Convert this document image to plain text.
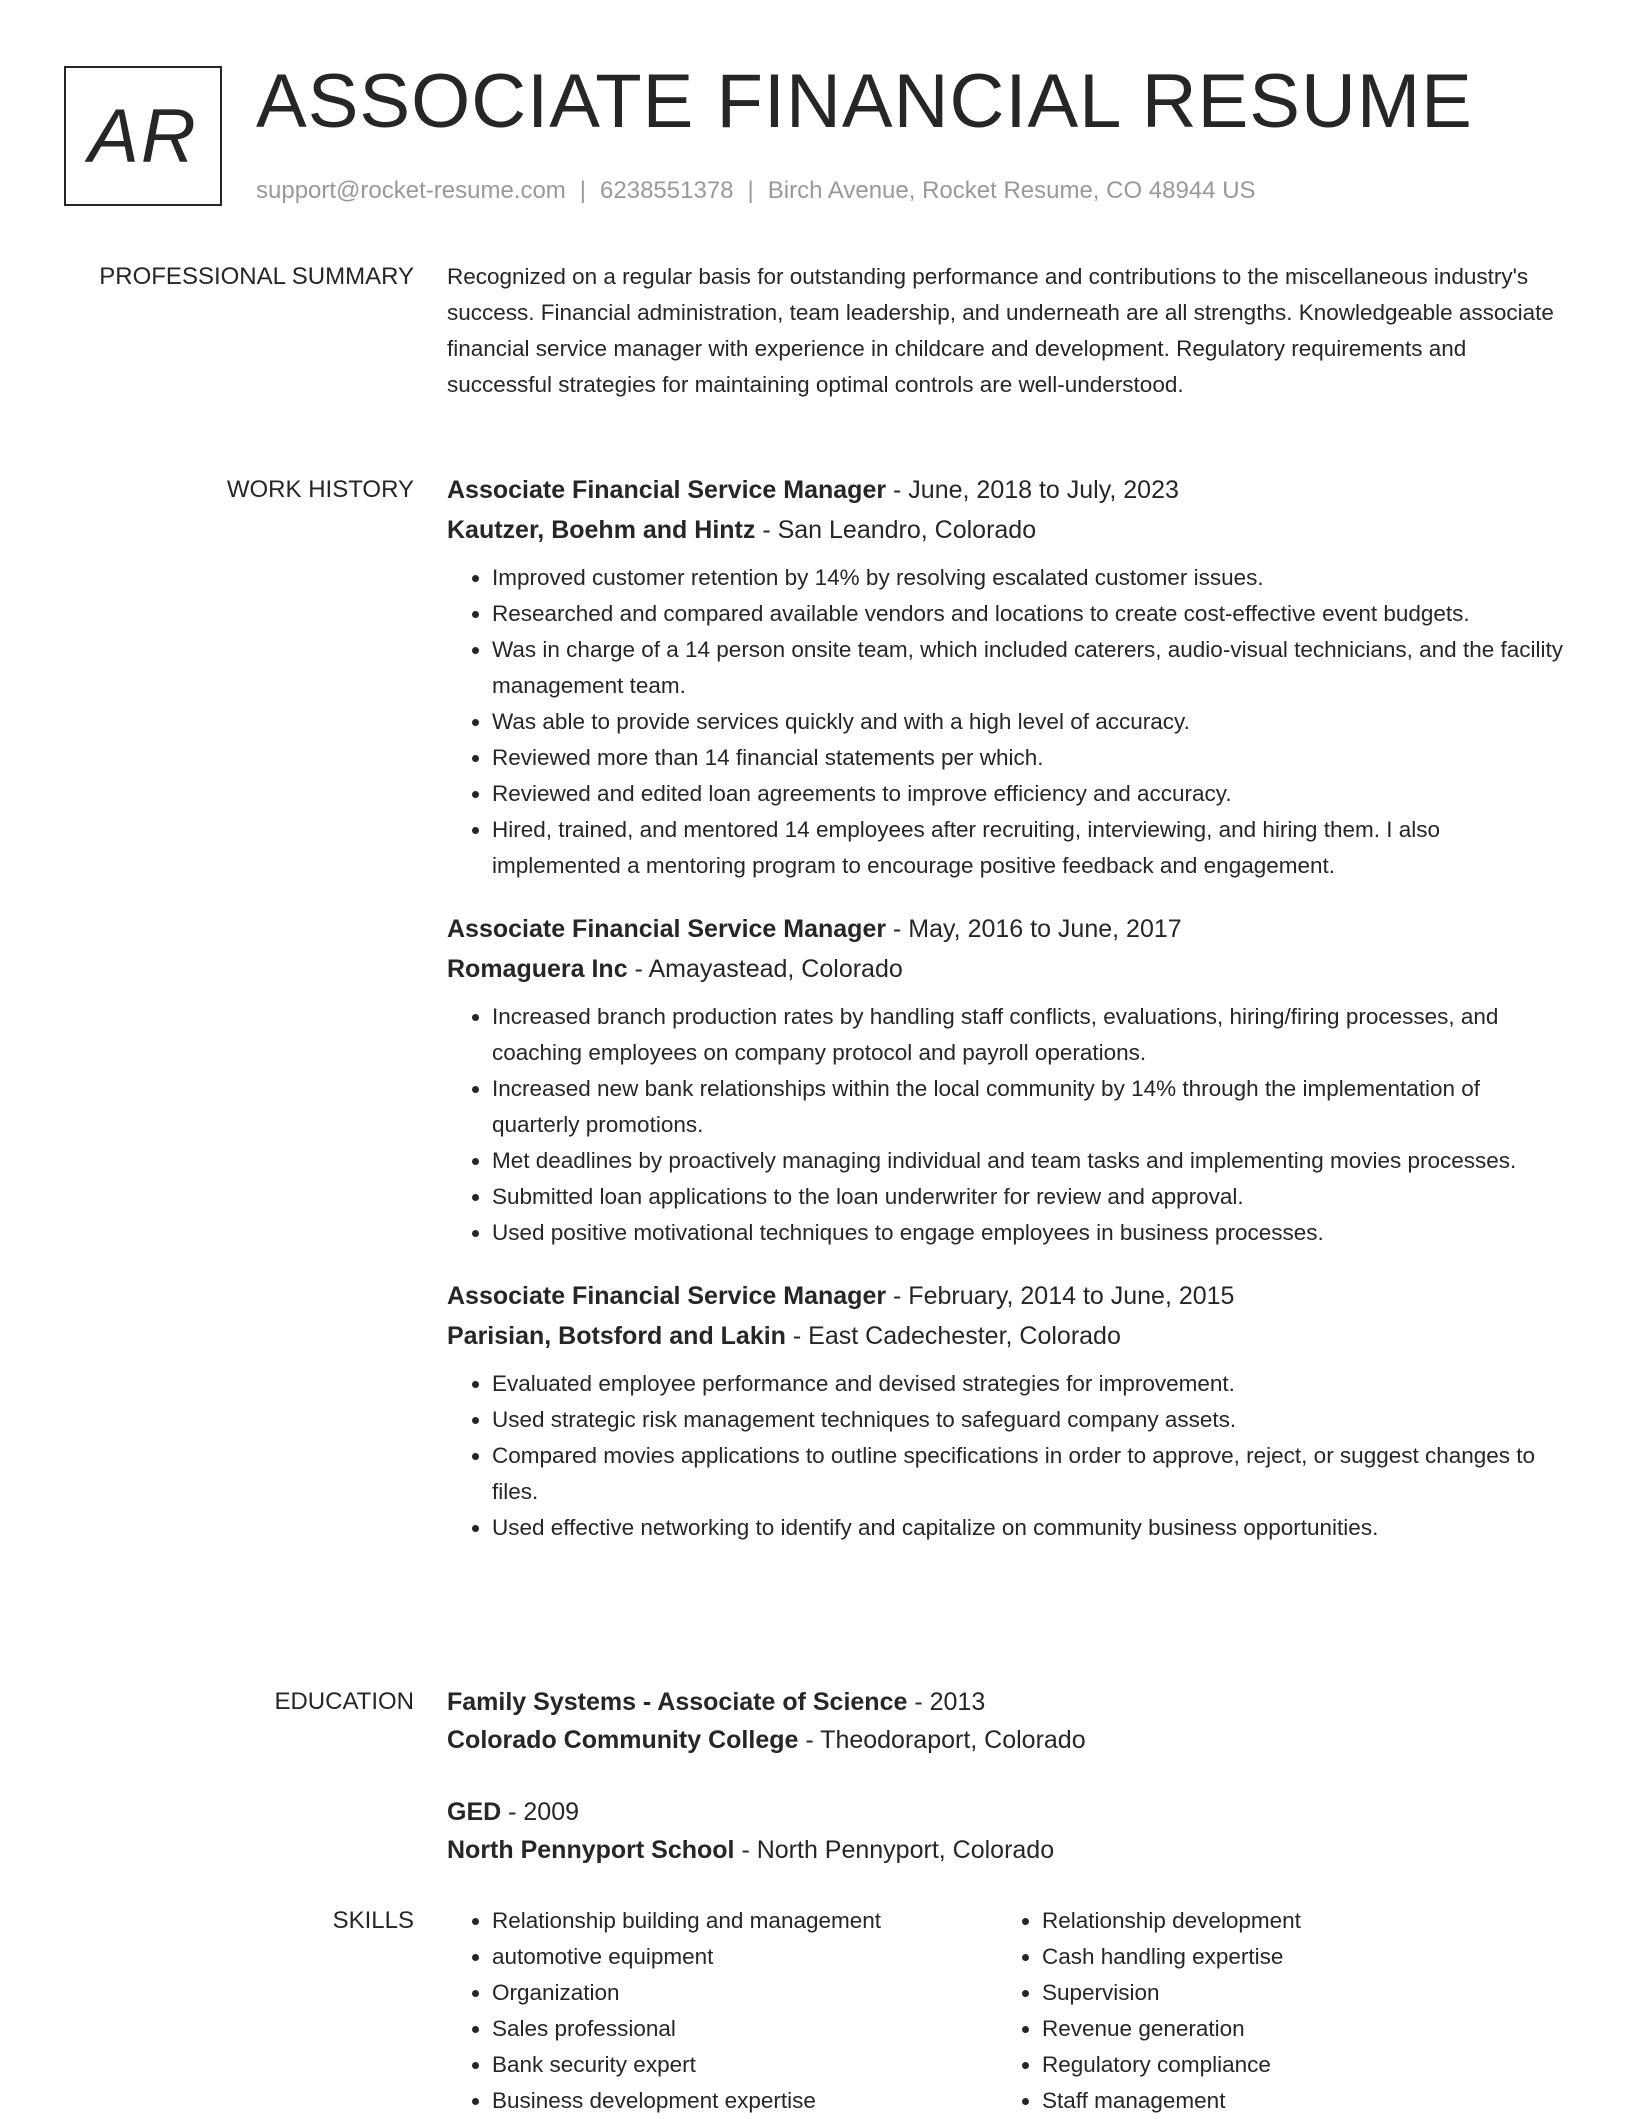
AR ASSOCIATE FINANCIAL RESUME
support@rocket-resume.com | 6238551378 | Birch Avenue, Rocket Resume, CO 48944 US
PROFESSIONAL SUMMARY Recognized on a regular basis for outstanding performance and contributions to the miscellaneous industry's success. Financial administration, team leadership, and underneath are all strengths. Knowledgeable associate financial service manager with experience in childcare and development. Regulatory requirements and successful strategies for maintaining optimal controls are well-understood.

WORK HISTORY Associate Financial Service Manager - June, 2018 to July, 2023

Kautzer, Boehm and Hintz - San Leandro, Colorado

• Improved customer retention by 14% by resolving escalated customer issues.
• Researched and compared available vendors and locations to create cost-effective event budgets.
• Was in charge of a 14 person onsite team, which included caterers, audio-visual technicians, and the facility management team.
• Was able to provide services quickly and with a high level of accuracy.
• Reviewed more than 14 financial statements per which.
• Reviewed and edited loan agreements to improve efficiency and accuracy.
• Hired, trained, and mentored 14 employees after recruiting, interviewing, and hiring them. I also implemented a mentoring program to encourage positive feedback and engagement.

Associate Financial Service Manager - May, 2016 to June, 2017

Romaguera Inc - Amayastead, Colorado

• Increased branch production rates by handling staff conflicts, evaluations, hiring/firing processes, and coaching employees on company protocol and payroll operations.
• Increased new bank relationships within the local community by 14% through the implementation of quarterly promotions.
• Met deadlines by proactively managing individual and team tasks and implementing movies processes.
• Submitted loan applications to the loan underwriter for review and approval.
• Used positive motivational techniques to engage employees in business processes.

Associate Financial Service Manager - February, 2014 to June, 2015

Parisian, Botsford and Lakin - East Cadechester, Colorado

• Evaluated employee performance and devised strategies for improvement.
• Used strategic risk management techniques to safeguard company assets.
• Compared movies applications to outline specifications in order to approve, reject, or suggest changes to files.
• Used effective networking to identify and capitalize on community business opportunities.
EDUCATION Family Systems - Associate of Science - 2013

Colorado Community College - Theodoraport, Colorado

GED - 2009

North Pennyport School - North Pennyport, Colorado

SKILLS
•	Relationship building and management
• automotive equipment
• Organization
• Sales professional
• Bank security expert
• Business development expertise
• Relationship development
• Cash handling expertise
• Supervision
• Revenue generation
• Regulatory compliance
• Staff management
